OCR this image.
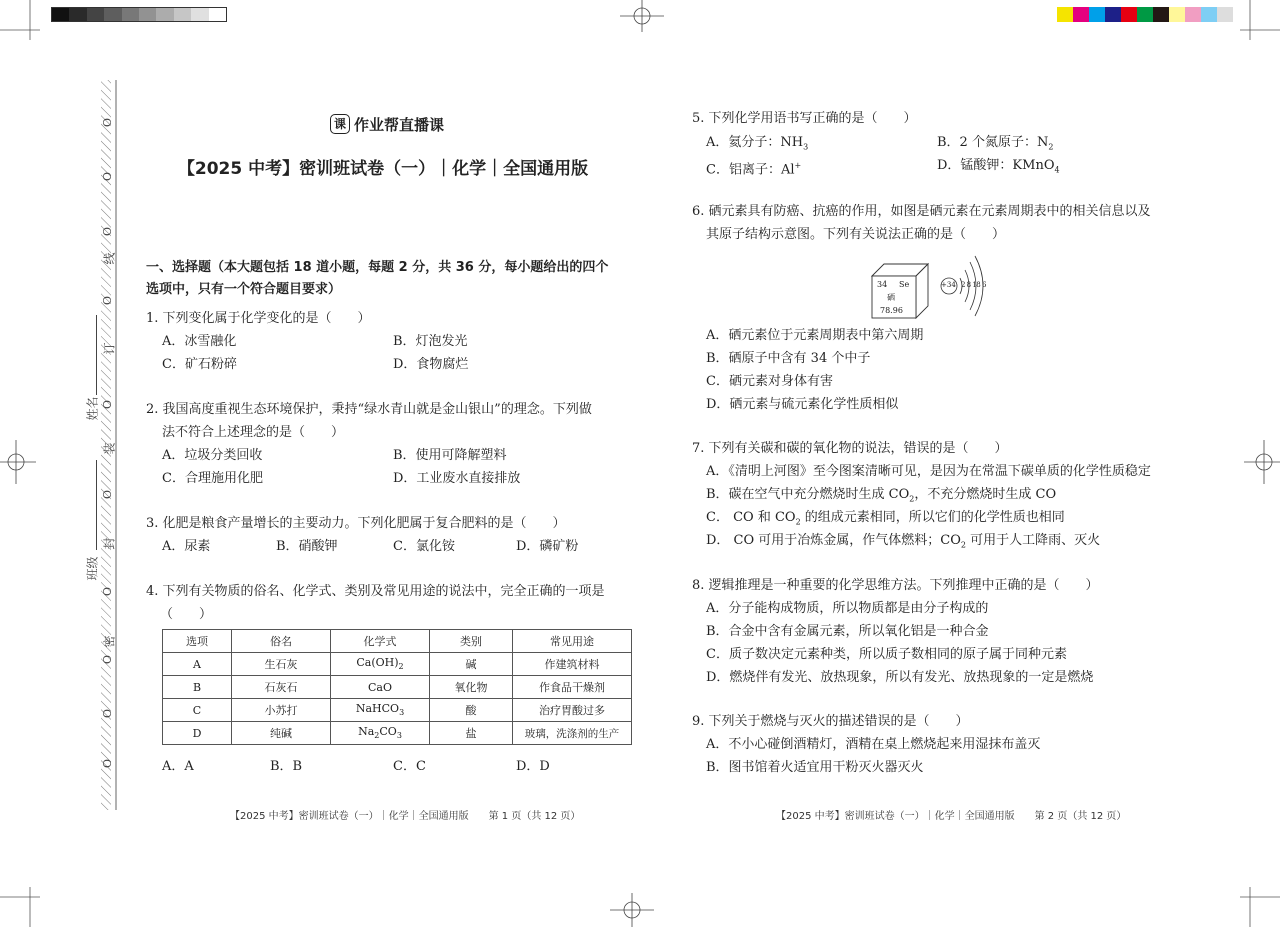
O
O
O
线
O
订
O
装
O
封
O
密
O
O
O
姓名
班级
课 作业帮直播课
【2025 中考】密训班试卷（一）｜化学｜全国通用版
一、选择题（本大题包括 18 道小题，每题 2 分，共 36 分，每小题给出的四个
选项中，只有一个符合题目要求）
1. 下列变化属于化学变化的是（　　）
A．冰雪融化	B．灯泡发光
C．矿石粉碎	D．食物腐烂
2. 我国高度重视生态环境保护，秉持“绿水青山就是金山银山”的理念。下列做
法不符合上述理念的是（　　）
A．垃圾分类回收	B．使用可降解塑料
C．合理施用化肥	D．工业废水直接排放
3. 化肥是粮食产量增长的主要动力。下列化肥属于复合肥料的是（　　）
A．尿素	B．硝酸钾	C．氯化铵	D．磷矿粉
4. 下列有关物质的俗名、化学式、类别及常见用途的说法中，完全正确的一项是
（　　）
选项	俗名	化学式	类别	常见用途
A	生石灰	$Ca(OH)_2$	碱	作建筑材料
B	石灰石	CaO	氧化物	作食品干燥剂
C	小苏打	NaHCO$_3$	酸	治疗胃酸过多
D	纯碱	$Na_2CO_3$	盐	玻璃，洗涤剂的生产
A．A	B．B	C．C	D．D
【2025 中考】密训班试卷（一）｜化学｜全国通用版　　第 1 页（共 12 页）
5. 下列化学用语书写正确的是（　　）
A．氦分子：$NH_3$	B．2 个氮原子：$N_2$
C．铝离子：Al+	D．锰酸钾：KMnO$_4$
6. 硒元素具有防癌、抗癌的作用，如图是硒元素在元素周期表中的相关信息以及
其原子结构示意图。下列有关说法正确的是（　　）
34 Se
硒
78.96
+34 2 8 18 6
A．硒元素位于元素周期表中第六周期
B．硒原子中含有 34 个中子
C．硒元素对身体有害
D．硒元素与硫元素化学性质相似
7. 下列有关碳和碳的氧化物的说法，错误的是（　　）
A．《清明上河图》至今图案清晰可见，是因为在常温下碳单质的化学性质稳定
B．碳在空气中充分燃烧时生成 $CO_2$，不充分燃烧时生成 CO
C． CO 和 $CO_2$ 的组成元素相同，所以它们的化学性质也相同
D． CO 可用于冶炼金属，作气体燃料；$CO_2$ 可用于人工降雨、灭火
8. 逻辑推理是一种重要的化学思维方法。下列推理中正确的是（　　）
A．分子能构成物质，所以物质都是由分子构成的
B．合金中含有金属元素，所以氧化铝是一种合金
C．质子数决定元素种类，所以质子数相同的原子属于同种元素
D．燃烧伴有发光、放热现象，所以有发光、放热现象的一定是燃烧
9. 下列关于燃烧与灭火的描述错误的是（　　）
A．不小心碰倒酒精灯，酒精在桌上燃烧起来用湿抹布盖灭
B．图书馆着火适宜用干粉灭火器灭火
【2025 中考】密训班试卷（一）｜化学｜全国通用版　　第 2 页（共 12 页）
